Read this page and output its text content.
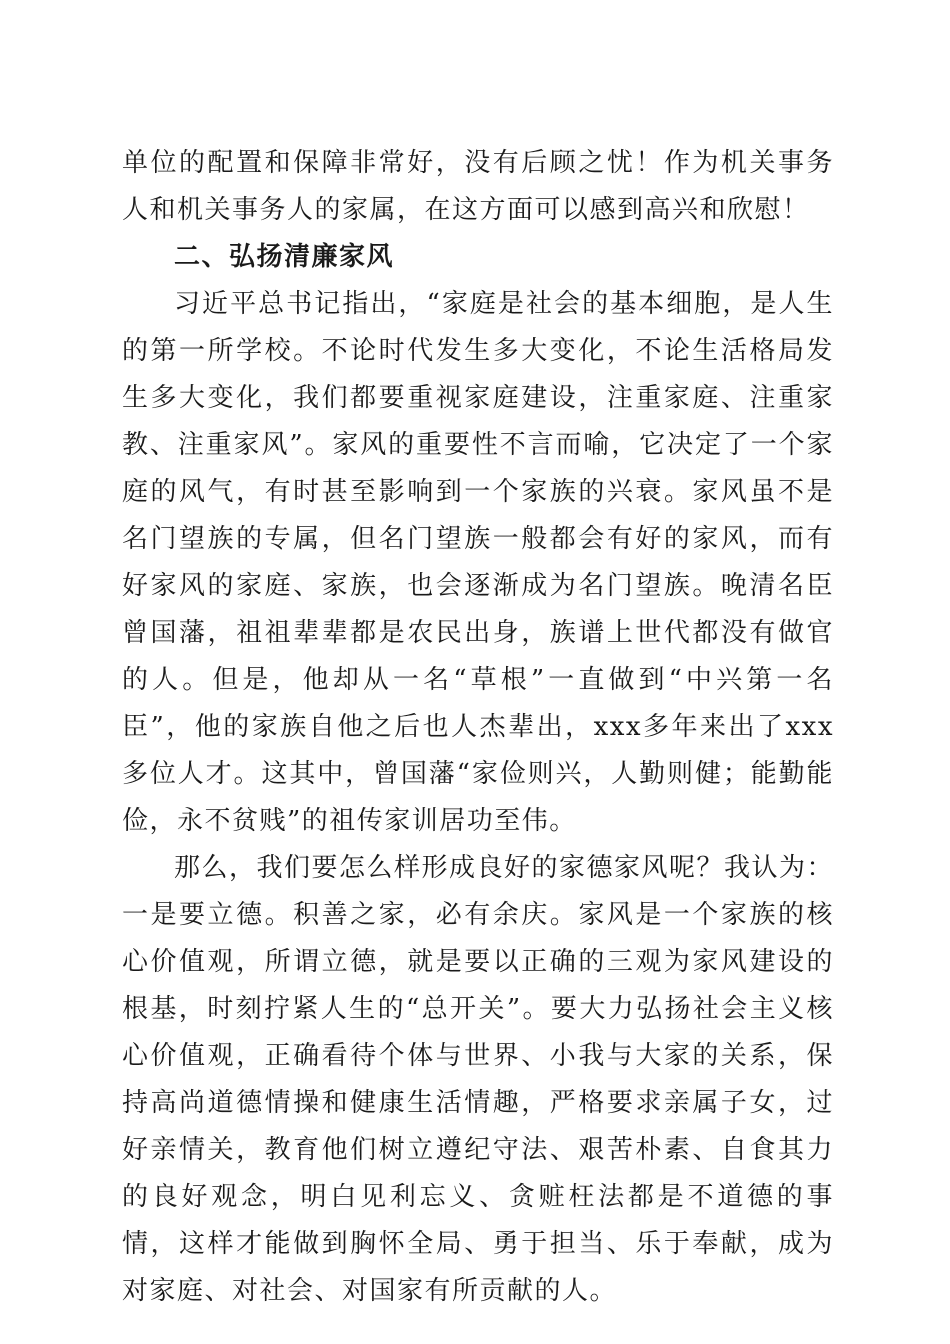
单位的配置和保障非常好，没有后顾之忧！作为机关事务人和机关事务人的家属，在这方面可以感到高兴和欣慰！

二、弘扬清廉家风

习近平总书记指出，“家庭是社会的基本细胞，是人生的第一所学校。不论时代发生多大变化，不论生活格局发生多大变化，我们都要重视家庭建设，注重家庭、注重家教、注重家风”。家风的重要性不言而喻，它决定了一个家庭的风气，有时甚至影响到一个家族的兴衰。家风虽不是名门望族的专属，但名门望族一般都会有好的家风，而有好家风的家庭、家族，也会逐渐成为名门望族。晚清名臣曾国藩，祖祖辈辈都是农民出身，族谱上世代都没有做官的人。但是，他却从一名“草根”一直做到“中兴第一名臣”，他的家族自他之后也人杰辈出，xxx多年来出了xxx多位人才。这其中，曾国藩“家俭则兴，人勤则健；能勤能俭，永不贫贱”的祖传家训居功至伟。

那么，我们要怎么样形成良好的家德家风呢？我认为：一是要立德。积善之家，必有余庆。家风是一个家族的核心价值观，所谓立德，就是要以正确的三观为家风建设的根基，时刻拧紧人生的“总开关”。要大力弘扬社会主义核心价值观，正确看待个体与世界、小我与大家的关系，保持高尚道德情操和健康生活情趣，严格要求亲属子女，过好亲情关，教育他们树立遵纪守法、艰苦朴素、自食其力的良好观念，明白见利忘义、贪赃枉法都是不道德的事情，这样才能做到胸怀全局、勇于担当、乐于奉献，成为对家庭、对社会、对国家有所贡献的人。
